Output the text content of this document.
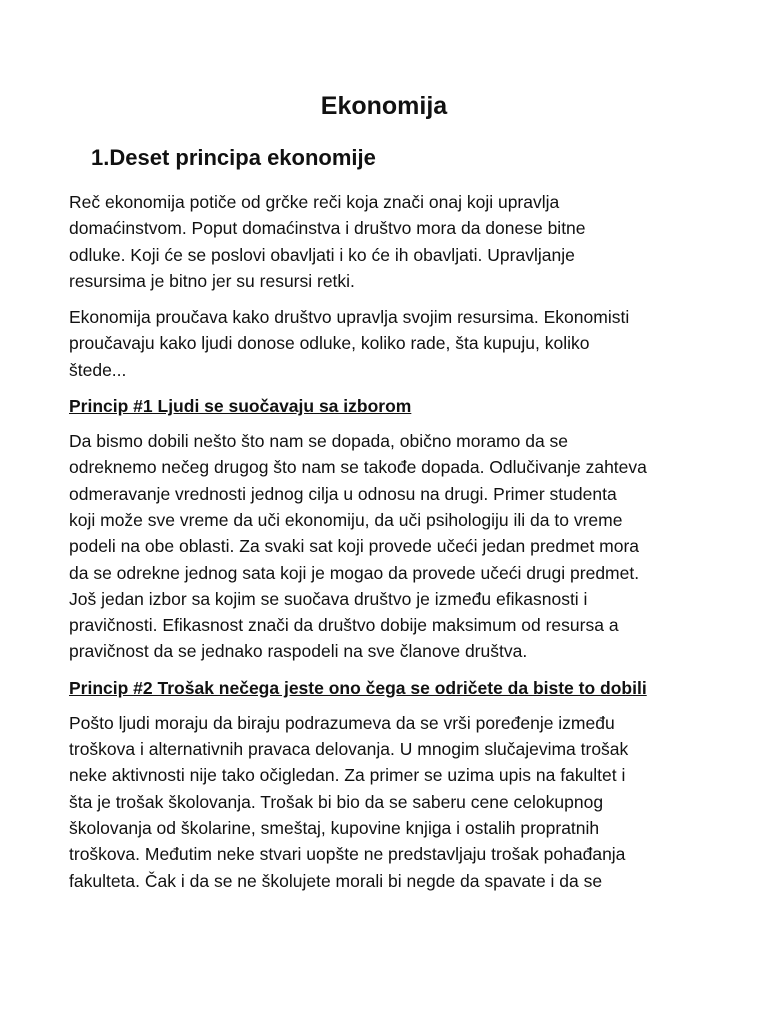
Ekonomija
1.Deset principa ekonomije

Reč ekonomija potiče od grčke reči koja znači onaj koji upravlja
domaćinstvom. Poput domaćinstva i društvo mora da donese bitne
odluke. Koji će se poslovi obavljati i ko će ih obavljati. Upravljanje
resursima je bitno jer su resursi retki.

Ekonomija proučava kako društvo upravlja svojim resursima. Ekonomisti
proučavaju kako ljudi donose odluke, koliko rade, šta kupuju, koliko
štede...

Princip #1 Ljudi se suočavaju sa izborom

Da bismo dobili nešto što nam se dopada, obično moramo da se
odreknemo nečeg drugog što nam se takođe dopada. Odlučivanje zahteva
odmeravanje vrednosti jednog cilja u odnosu na drugi. Primer studenta
koji može sve vreme da uči ekonomiju, da uči psihologiju ili da to vreme
podeli na obe oblasti. Za svaki sat koji provede učeći jedan predmet mora
da se odrekne jednog sata koji je mogao da provede učeći drugi predmet.
Još jedan izbor sa kojim se suočava društvo je između efikasnosti i
pravičnosti. Efikasnost znači da društvo dobije maksimum od resursa a
pravičnost da se jednako raspodeli na sve članove društva.

Princip #2 Trošak nečega jeste ono čega se odričete da biste to dobili

Pošto ljudi moraju da biraju podrazumeva da se vrši poređenje između
troškova i alternativnih pravaca delovanja. U mnogim slučajevima trošak
neke aktivnosti nije tako očigledan. Za primer se uzima upis na fakultet i
šta je trošak školovanja. Trošak bi bio da se saberu cene celokupnog
školovanja od školarine, smeštaj, kupovine knjiga i ostalih propratnih
troškova. Međutim neke stvari uopšte ne predstavljaju trošak pohađanja
fakulteta. Čak i da se ne školujete morali bi negde da spavate i da se
